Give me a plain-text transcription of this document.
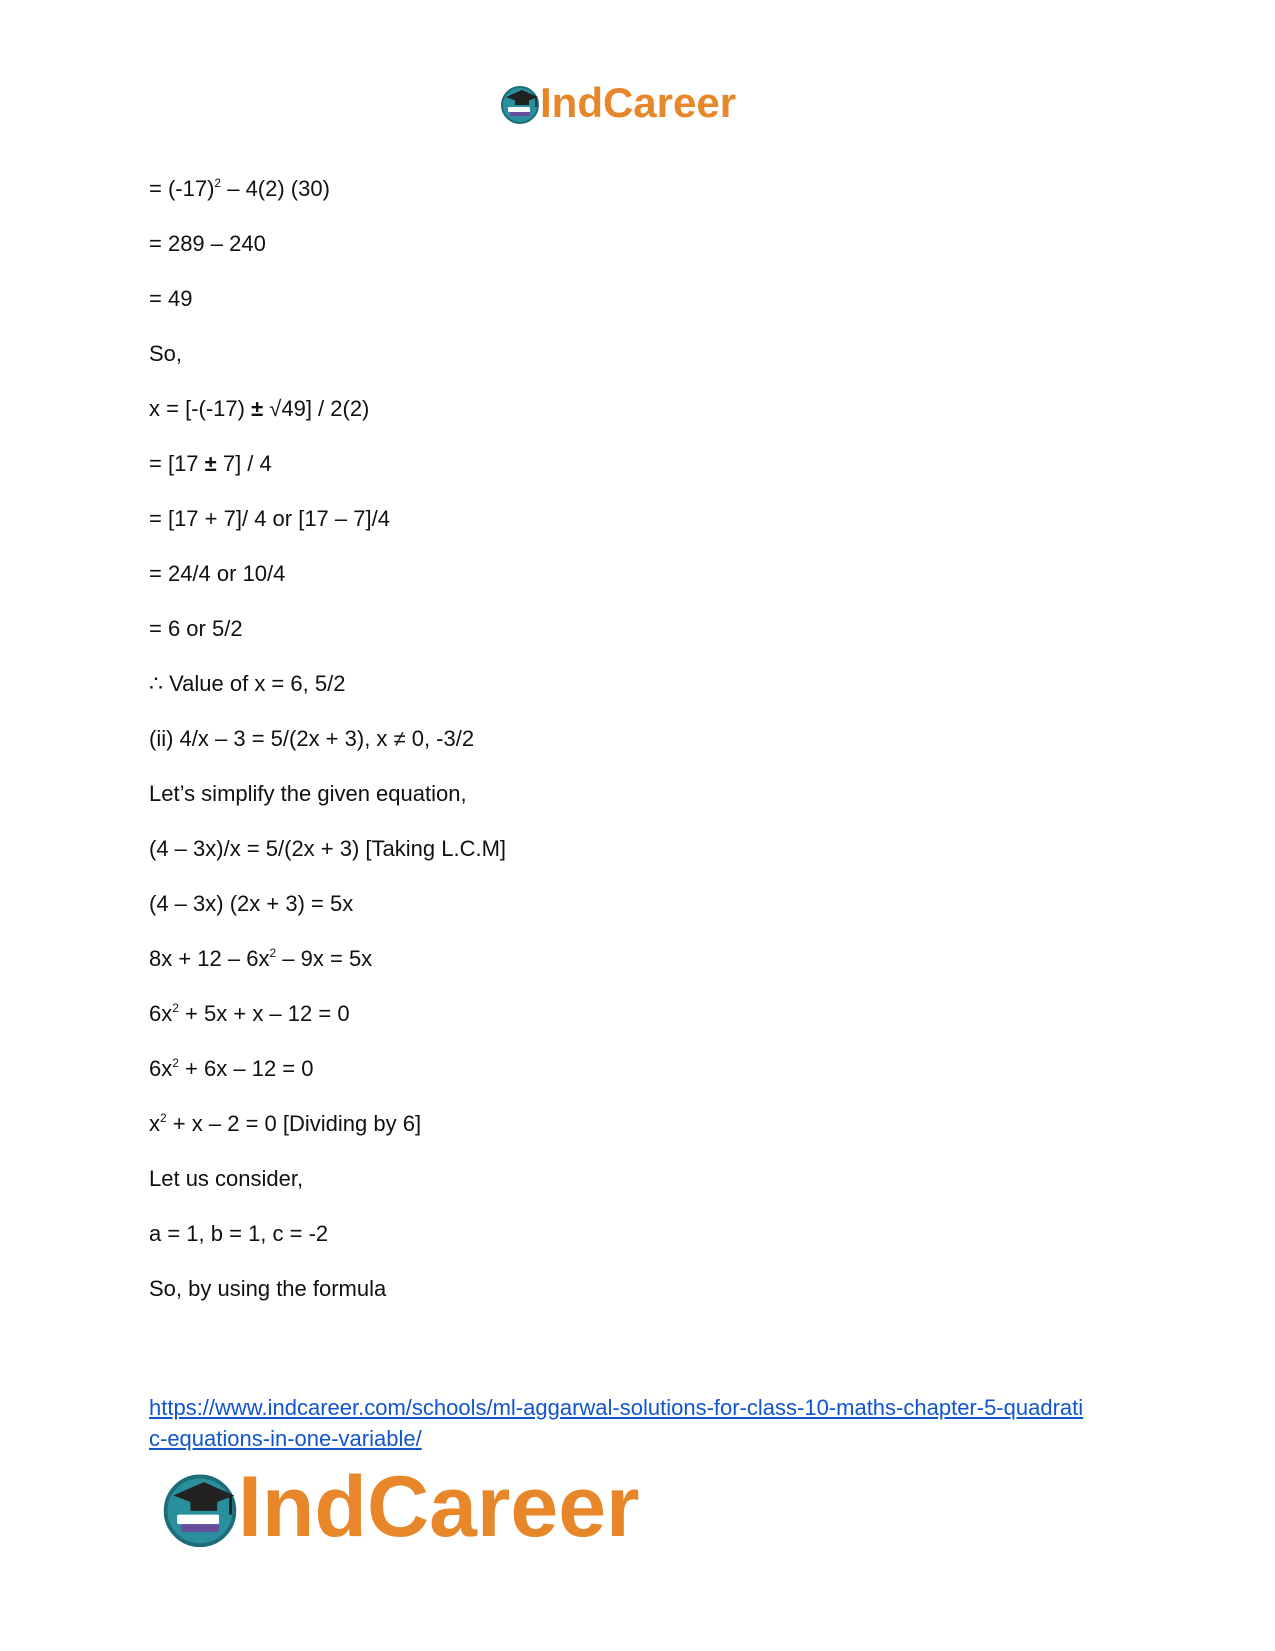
IndCareer
= $(-17)^2 - 4(2)$ (30)
= 289 – 240
= 49
So,
x = [-(-17) ± √49] / 2(2)
= [17 ± 7] / 4
= [17 + 7]/ 4 or [17 – 7]/4
= 24/4 or 10/4
= 6 or 5/2
∴ Value of x = 6, 5/2
(ii) 4/x – 3 = 5/(2x + 3), x ≠ 0, -3/2
Let’s simplify the given equation,
(4 – 3x)/x = 5/(2x + 3) [Taking L.C.M]
(4 – 3x) (2x + 3) = 5x
$8x + 12 - 6x^2 - 9x = 5x$
$6x^2 + 5x + x - 12 = 0$
$6x^2 + 6x - 12 = 0$
$x^2 + x - 2 = 0$ [Dividing by 6]
Let us consider,
a = 1, b = 1, c = -2
So, by using the formula
https://www.indcareer.com/schools/ml-aggarwal-solutions-for-class-10-maths-chapter-5-quadrati
c-equations-in-one-variable/
IndCareer
